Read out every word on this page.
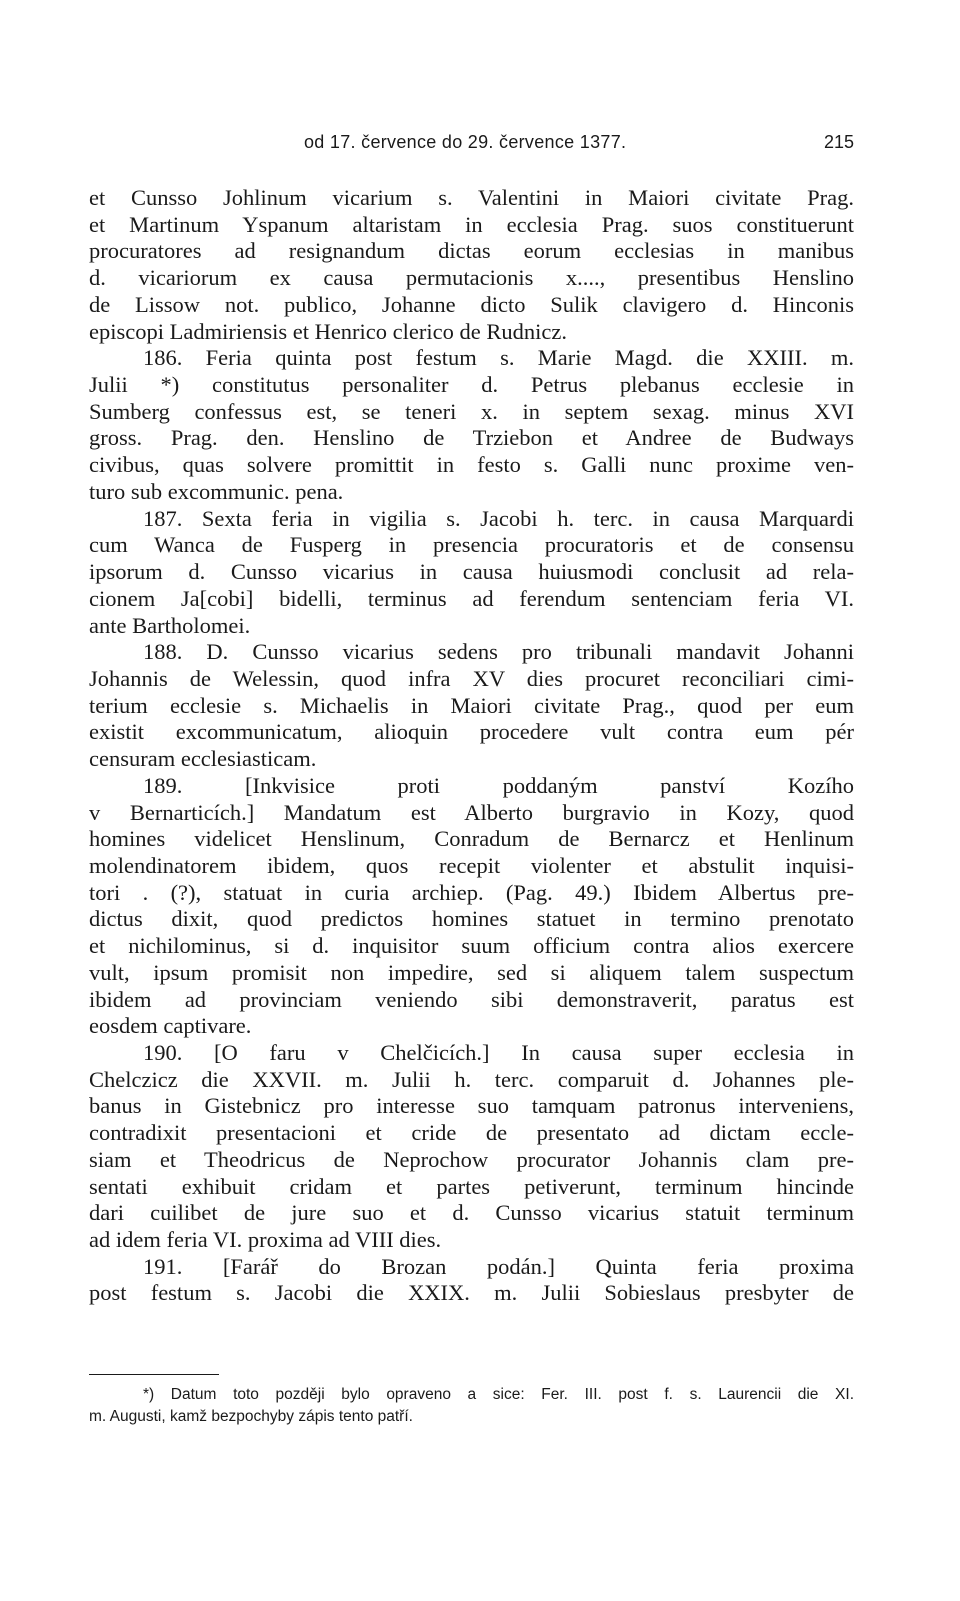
od 17. července do 29. července 1377.	215
et Cunsso Johlinum vicarium s. Valentini in Maiori civitate Prag.
et Martinum Yspanum altaristam in ecclesia Prag. suos constituerunt
procuratores ad resignandum dictas eorum ecclesias in manibus
d. vicariorum ex causa permutacionis x...., presentibus Henslino
de Lissow not. publico, Johanne dicto Sulik clavigero d. Hinconis
episcopi Ladmiriensis et Henrico clerico de Rudnicz.
186. Feria quinta post festum s. Marie Magd. die XXIII. m.
Julii *) constitutus personaliter d. Petrus plebanus ecclesie in
Sumberg confessus est, se teneri x. in septem sexag. minus XVI
gross. Prag. den. Henslino de Trziebon et Andree de Budways
civibus, quas solvere promittit in festo s. Galli nunc proxime ven-
turo sub excommunic. pena.
187. Sexta feria in vigilia s. Jacobi h. terc. in causa Marquardi
cum Wanca de Fusperg in presencia procuratoris et de consensu
ipsorum d. Cunsso vicarius in causa huiusmodi conclusit ad rela-
cionem Ja[cobi] bidelli, terminus ad ferendum sentenciam feria VI.
ante Bartholomei.
188. D. Cunsso vicarius sedens pro tribunali mandavit Johanni
Johannis de Welessin, quod infra XV dies procuret reconciliari cimi-
terium ecclesie s. Michaelis in Maiori civitate Prag., quod per eum
existit excommunicatum, alioquin procedere vult contra eum pér
censuram ecclesiasticam.
189. [Inkvisice proti poddaným panství Kozího
v Bernarticích.] Mandatum est Alberto burgravio in Kozy, quod
homines videlicet Henslinum, Conradum de Bernarcz et Henlinum
molendinatorem ibidem, quos recepit violenter et abstulit inquisi-
tori . (?), statuat in curia archiep. (Pag. 49.) Ibidem Albertus pre-
dictus dixit, quod predictos homines statuet in termino prenotato
et nichilominus, si d. inquisitor suum officium contra alios exercere
vult, ipsum promisit non impedire, sed si aliquem talem suspectum
ibidem ad provinciam veniendo sibi demonstraverit, paratus est
eosdem captivare.
190. [O faru v Chelčicích.] In causa super ecclesia in
Chelczicz die XXVII. m. Julii h. terc. comparuit d. Johannes ple-
banus in Gistebnicz pro interesse suo tamquam patronus interveniens,
contradixit presentacioni et cride de presentato ad dictam eccle-
siam et Theodricus de Neprochow procurator Johannis clam pre-
sentati exhibuit cridam et partes petiverunt, terminum hincinde
dari cuilibet de jure suo et d. Cunsso vicarius statuit terminum
ad idem feria VI. proxima ad VIII dies.
191. [Farář do Brozan podán.] Quinta feria proxima
post festum s. Jacobi die XXIX. m. Julii Sobieslaus presbyter de
*) Datum toto později bylo opraveno a sice: Fer. III. post f. s. Laurencii die XI.
m. Augusti, kamž bezpochyby zápis tento patří.
